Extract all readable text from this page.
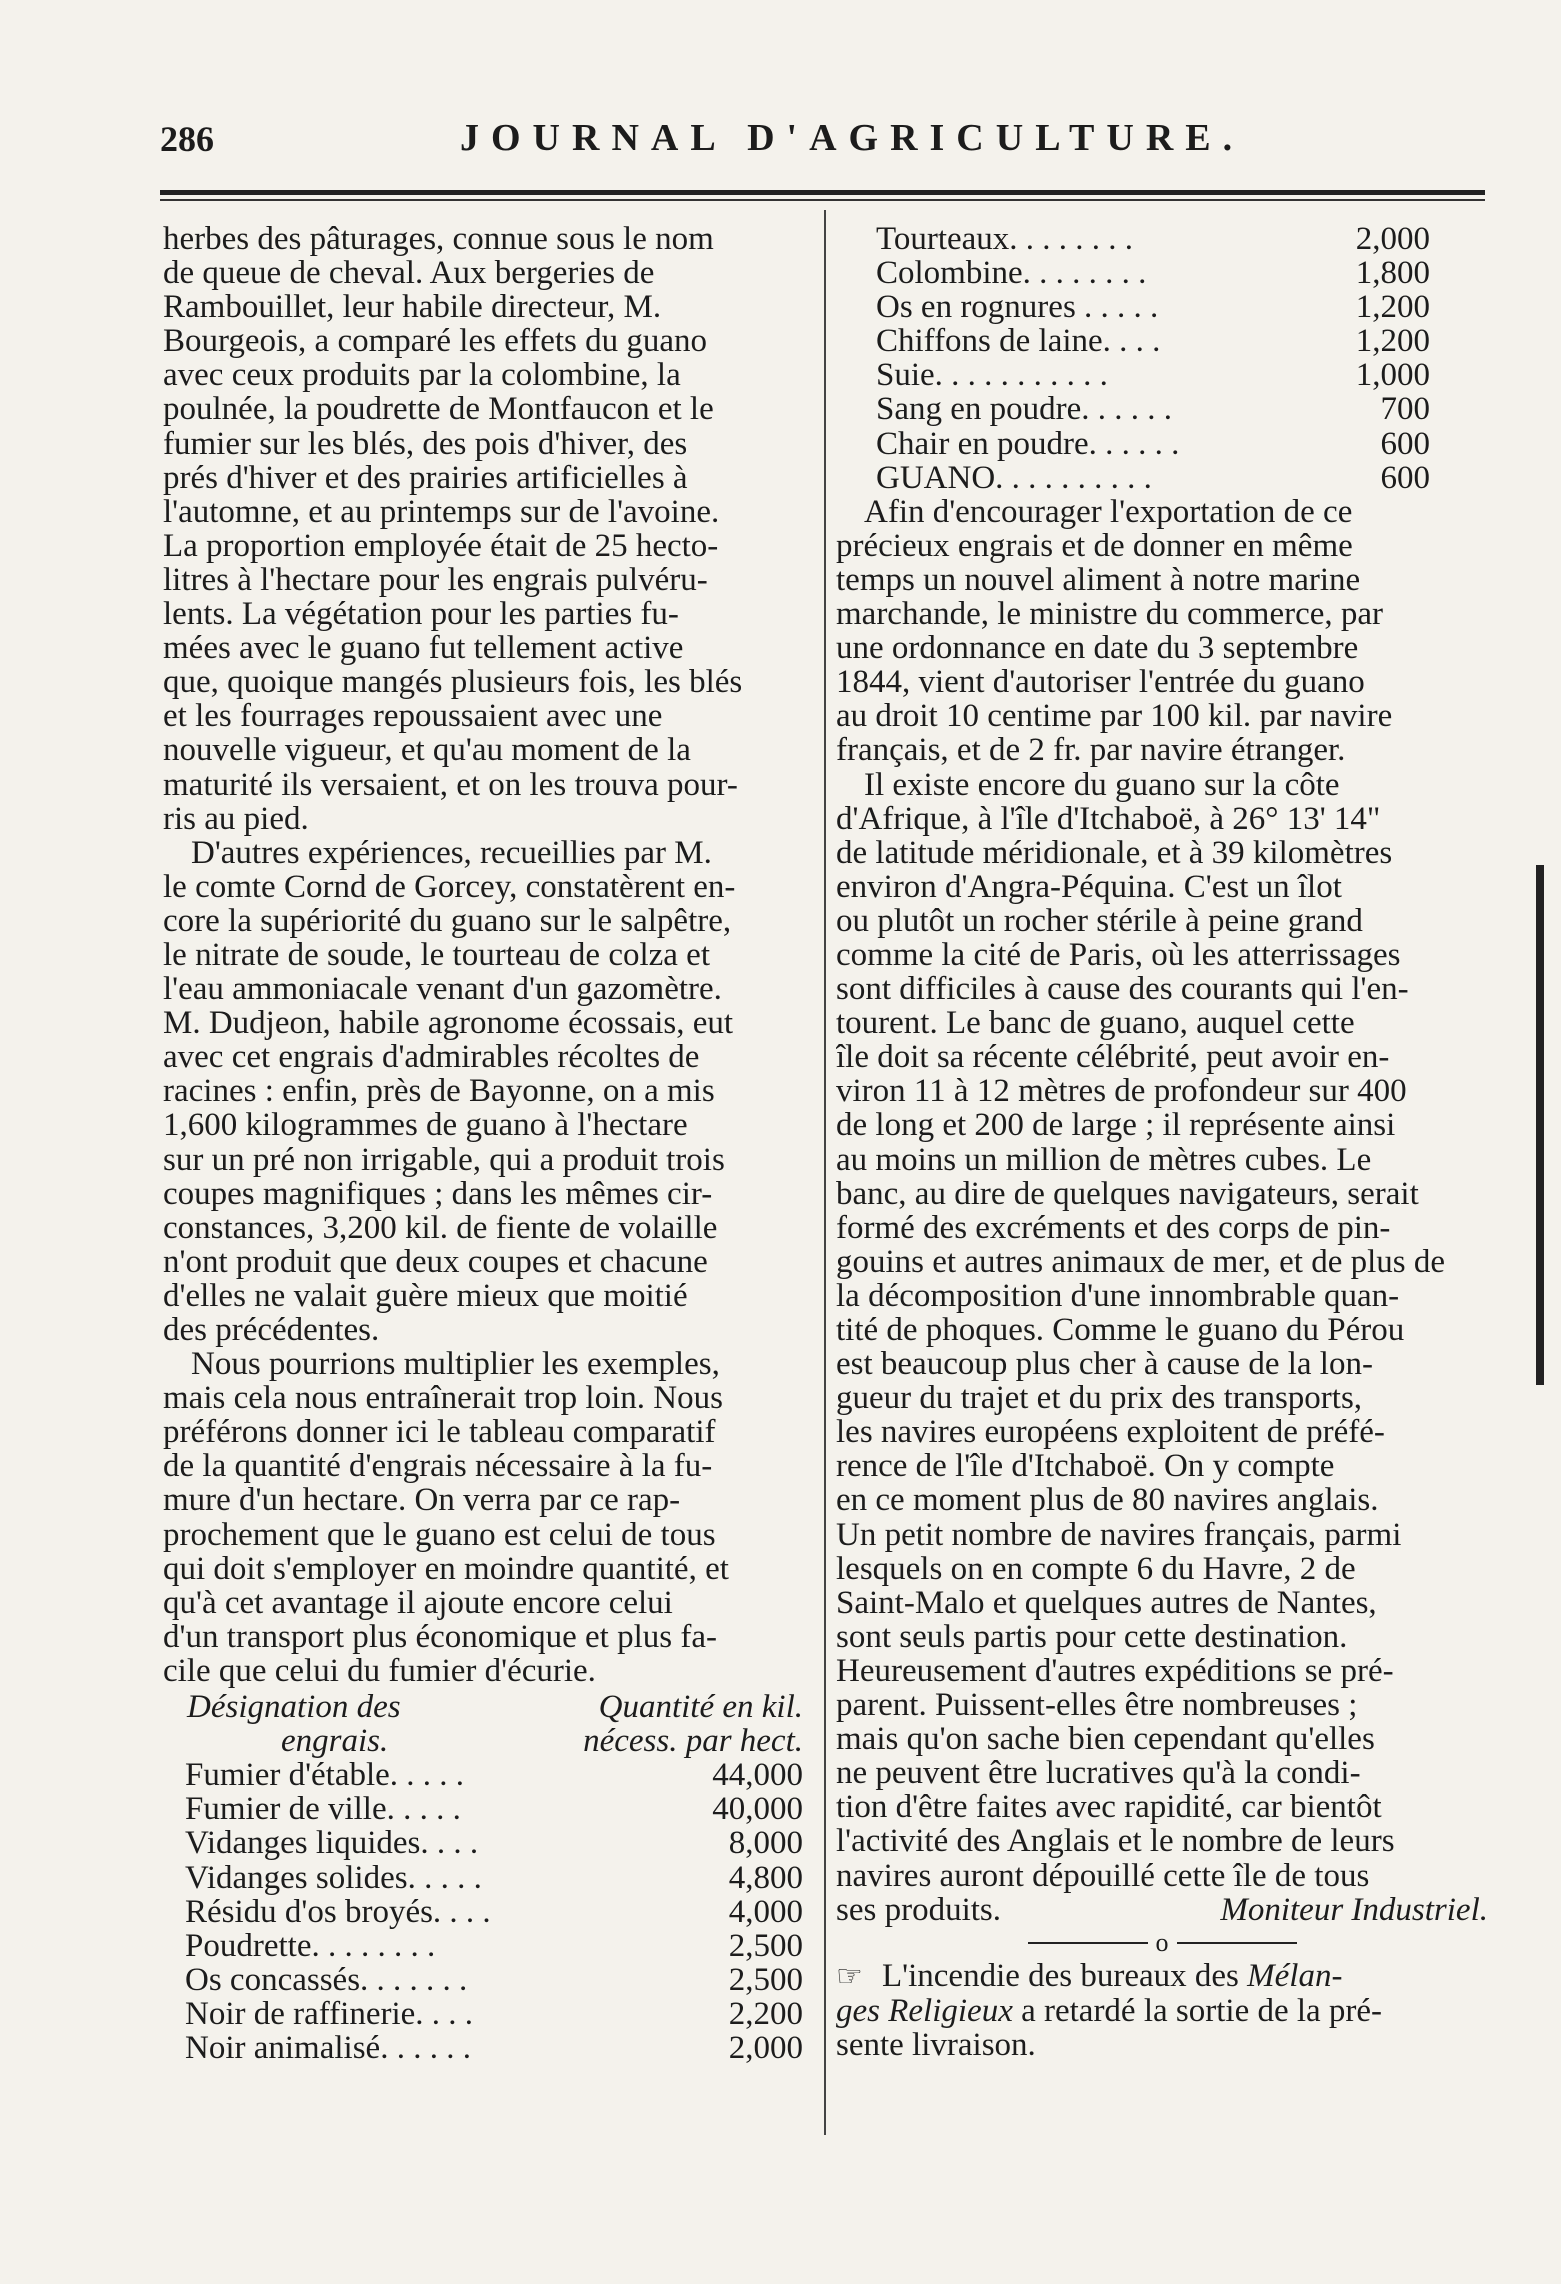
286	JOURNAL D'AGRICULTURE.
herbes des pâturages, connue sous le nom
de queue de cheval. Aux bergeries de
Rambouillet, leur habile directeur, M.
Bourgeois, a comparé les effets du guano
avec ceux produits par la colombine, la
poulnée, la poudrette de Montfaucon et le
fumier sur les blés, des pois d'hiver, des
prés d'hiver et des prairies artificielles à
l'automne, et au printemps sur de l'avoine.
La proportion employée était de 25 hecto-
litres à l'hectare pour les engrais pulvéru-
lents. La végétation pour les parties fu-
mées avec le guano fut tellement active
que, quoique mangés plusieurs fois, les blés
et les fourrages repoussaient avec une
nouvelle vigueur, et qu'au moment de la
maturité ils versaient, et on les trouva pour-
ris au pied.
D'autres expériences, recueillies par M.
le comte Cornd de Gorcey, constatèrent en-
core la supériorité du guano sur le salpêtre,
le nitrate de soude, le tourteau de colza et
l'eau ammoniacale venant d'un gazomètre.
M. Dudjeon, habile agronome écossais, eut
avec cet engrais d'admirables récoltes de
racines : enfin, près de Bayonne, on a mis
1,600 kilogrammes de guano à l'hectare
sur un pré non irrigable, qui a produit trois
coupes magnifiques ; dans les mêmes cir-
constances, 3,200 kil. de fiente de volaille
n'ont produit que deux coupes et chacune
d'elles ne valait guère mieux que moitié
des précédentes.
Nous pourrions multiplier les exemples,
mais cela nous entraînerait trop loin. Nous
préférons donner ici le tableau comparatif
de la quantité d'engrais nécessaire à la fu-
mure d'un hectare. On verra par ce rap-
prochement que le guano est celui de tous
qui doit s'employer en moindre quantité, et
qu'à cet avantage il ajoute encore celui
d'un transport plus économique et plus fa-
cile que celui du fumier d'écurie.
Désignation des	Quantité en kil.
engrais.	nécess. par hect.
Fumier d'étable. . . . .	44,000
Fumier de ville. . . . .	40,000
Vidanges liquides. . . .	8,000
Vidanges solides. . . . .	4,800
Résidu d'os broyés. . . .	4,000
Poudrette. . . . . . . .	2,500
Os concassés. . . . . . .	2,500
Noir de raffinerie. . . .	2,200
Noir animalisé. . . . . .	2,000
Tourteaux. . . . . . . .	2,000
Colombine. . . . . . . .	1,800
Os en rognures . . . . .	1,200
Chiffons de laine. . . .	1,200
Suie. . . . . . . . . . .	1,000
Sang en poudre. . . . . .	700
Chair en poudre. . . . . .	600
GUANO. . . . . . . . . .	600
Afin d'encourager l'exportation de ce
précieux engrais et de donner en même
temps un nouvel aliment à notre marine
marchande, le ministre du commerce, par
une ordonnance en date du 3 septembre
1844, vient d'autoriser l'entrée du guano
au droit 10 centime par 100 kil. par navire
français, et de 2 fr. par navire étranger.
Il existe encore du guano sur la côte
d'Afrique, à l'île d'Itchaboë, à 26° 13' 14"
de latitude méridionale, et à 39 kilomètres
environ d'Angra-Péquina. C'est un îlot
ou plutôt un rocher stérile à peine grand
comme la cité de Paris, où les atterrissages
sont difficiles à cause des courants qui l'en-
tourent. Le banc de guano, auquel cette
île doit sa récente célébrité, peut avoir en-
viron 11 à 12 mètres de profondeur sur 400
de long et 200 de large ; il représente ainsi
au moins un million de mètres cubes. Le
banc, au dire de quelques navigateurs, serait
formé des excréments et des corps de pin-
gouins et autres animaux de mer, et de plus de
la décomposition d'une innombrable quan-
tité de phoques. Comme le guano du Pérou
est beaucoup plus cher à cause de la lon-
gueur du trajet et du prix des transports,
les navires européens exploitent de préfé-
rence de l'île d'Itchaboë. On y compte
en ce moment plus de 80 navires anglais.
Un petit nombre de navires français, parmi
lesquels on en compte 6 du Havre, 2 de
Saint-Malo et quelques autres de Nantes,
sont seuls partis pour cette destination.
Heureusement d'autres expéditions se pré-
parent. Puissent-elles être nombreuses ;
mais qu'on sache bien cependant qu'elles
ne peuvent être lucratives qu'à la condi-
tion d'être faites avec rapidité, car bientôt
l'activité des Anglais et le nombre de leurs
navires auront dépouillé cette île de tous
ses produits.	Moniteur Industriel.
o
☞ L'incendie des bureaux des Mélan-
ges Religieux a retardé la sortie de la pré-
sente livraison.
